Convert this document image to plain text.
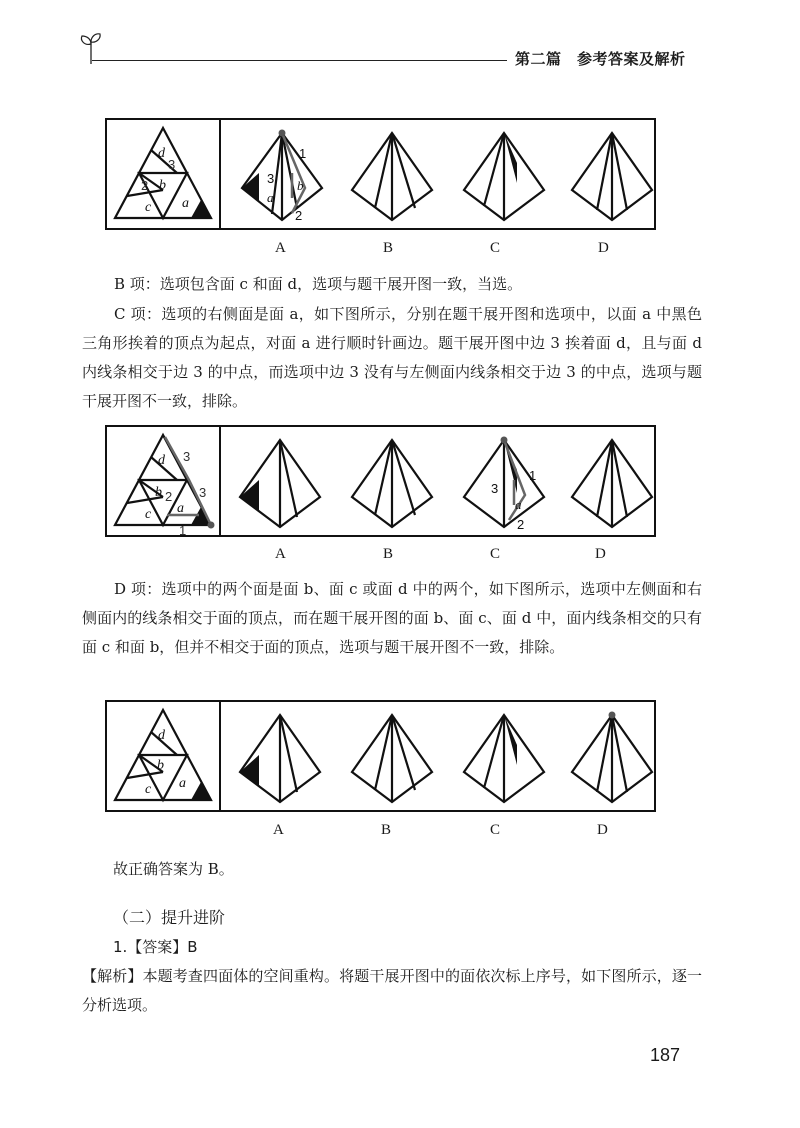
第二篇　参考答案及解析
d
b
c a
3
2	3
1
2
a
b
A	B	C	D
B 项：选项包含面 c 和面 d，选项与题干展开图一致，当选。
C 项：选项的右侧面是面 a，如下图所示，分别在题干展开图和选项中，以面 a 中黑色三角形挨着的顶点为起点，对面 a 进行顺时针画边。题干展开图中边 3 挨着面 d，且与面 d 内线条相交于边 3 的中点，而选项中边 3 没有与左侧面内线条相交于边 3 的中点，选项与题干展开图不一致，排除。
d
b
c a
3
3
2
1
3
1
2
a
A	B	C	D
D 项：选项中的两个面是面 b、面 c 或面 d 中的两个，如下图所示，选项中左侧面和右侧面内的线条相交于面的顶点，而在题干展开图的面 b、面 c、面 d 中，面内线条相交的只有面 c 和面 b，但并不相交于面的顶点，选项与题干展开图不一致，排除。
d
b
c a
A	B	C	D
故正确答案为 B。
（二）提升进阶
1.【答案】B
【解析】本题考查四面体的空间重构。将题干展开图中的面依次标上序号，如下图所示，逐一分析选项。
187
